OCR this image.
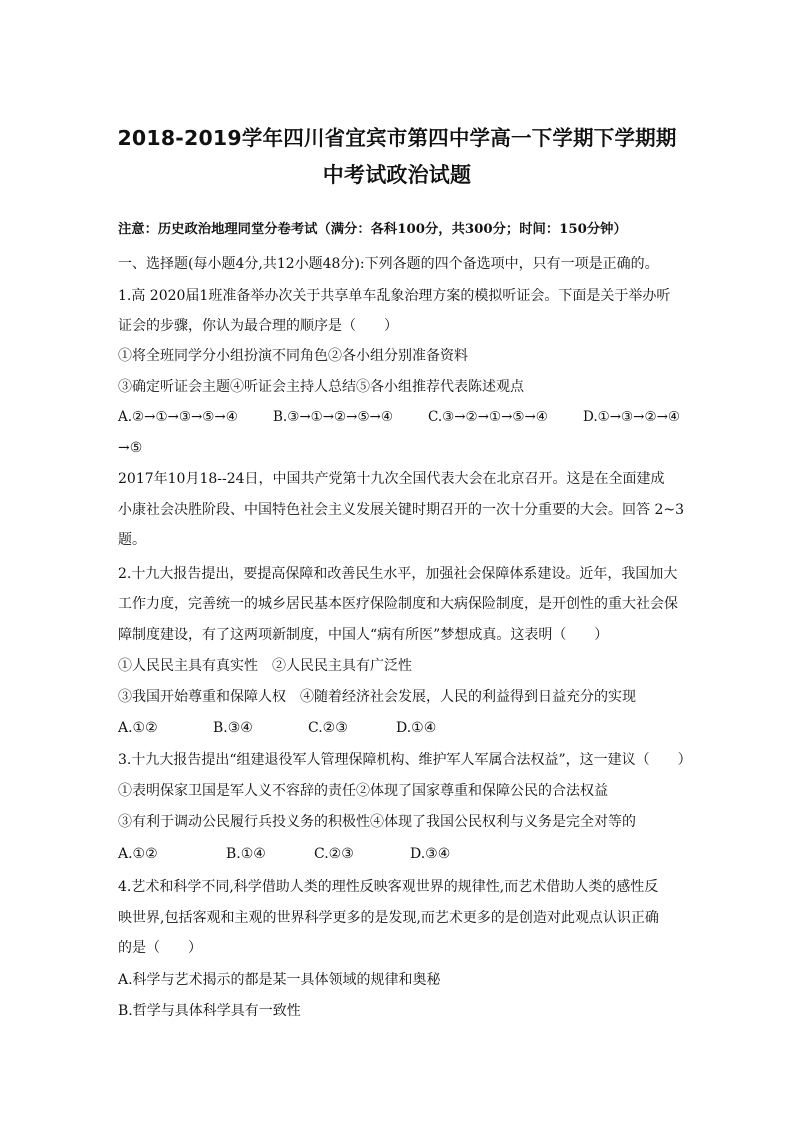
2018-2019学年四川省宜宾市第四中学高一下学期下学期期
中考试政治试题
注意：历史政治地理同堂分卷考试（满分：各科100分，共300分；时间：150分钟）
一、选择题(每小题4分,共12小题48分):下列各题的四个备选项中，只有一项是正确的。
1.高 2020届1班准备举办次关于共享单车乱象治理方案的模拟听证会。下面是关于举办听
证会的步骤，你认为最合理的顺序是（　　）
①将全班同学分小组扮演不同角色②各小组分别准备资料
③确定听证会主题④听证会主持人总结⑤各小组推荐代表陈述观点
A.②→①→③→⑤→④	B.③→①→②→⑤→④	C.③→②→①→⑤→④	D.①→③→②→④
→⑤
2017年10月18--24日，中国共产党第十九次全国代表大会在北京召开。这是在全面建成
小康社会决胜阶段、中国特色社会主义发展关键时期召开的一次十分重要的大会。回答 2~3
题。
2.十九大报告提出，要提高保障和改善民生水平，加强社会保障体系建设。近年，我国加大
工作力度，完善统一的城乡居民基本医疗保险制度和大病保险制度，是开创性的重大社会保
障制度建设，有了这两项新制度，中国人“病有所医”梦想成真。这表明（　　）
①人民民主具有真实性　②人民民主具有广泛性
③我国开始尊重和保障人权　④随着经济社会发展，人民的利益得到日益充分的实现
A.①②	B.③④	C.②③	D.①④
3.十九大报告提出“组建退役军人管理保障机构、维护军人军属合法权益”，这一建议（　　）
①表明保家卫国是军人义不容辞的责任②体现了国家尊重和保障公民的合法权益
③有利于调动公民履行兵投义务的积极性④体现了我国公民权利与义务是完全对等的
A.①②	B.①④	C.②③	D.③④
4.艺术和科学不同,科学借助人类的理性反映客观世界的规律性,而艺术借助人类的感性反
映世界,包括客观和主观的世界科学更多的是发现,而艺术更多的是创造对此观点认识正确
的是（　　）
A.科学与艺术揭示的都是某一具体领域的规律和奥秘
B.哲学与具体科学具有一致性
